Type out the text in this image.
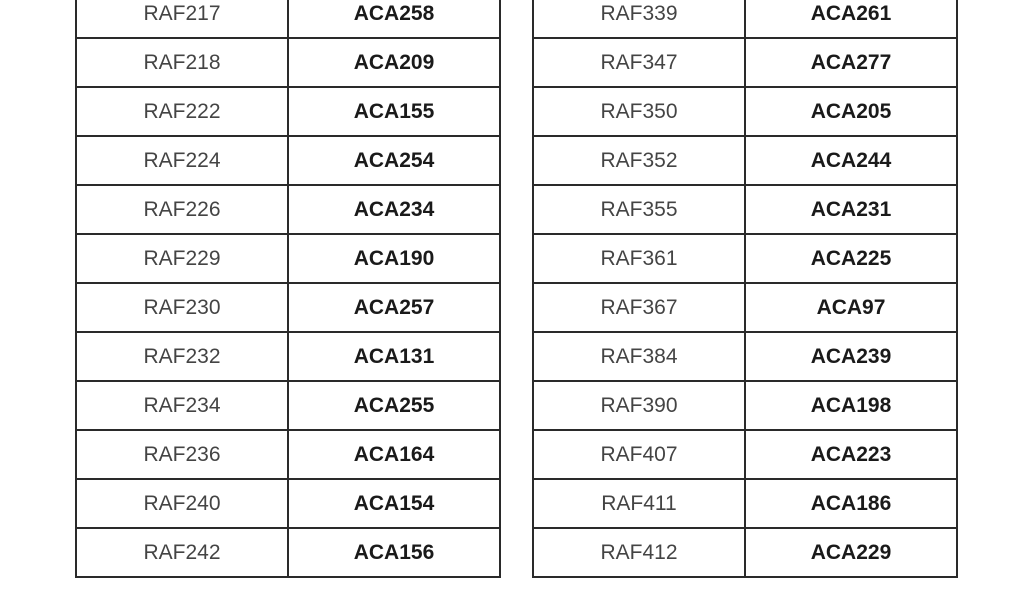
RAF217	ACA258
RAF218	ACA209
RAF222	ACA155
RAF224	ACA254
RAF226	ACA234
RAF229	ACA190
RAF230	ACA257
RAF232	ACA131
RAF234	ACA255
RAF236	ACA164
RAF240	ACA154
RAF242	ACA156
RAF339	ACA261
RAF347	ACA277
RAF350	ACA205
RAF352	ACA244
RAF355	ACA231
RAF361	ACA225
RAF367	ACA97
RAF384	ACA239
RAF390	ACA198
RAF407	ACA223
RAF411	ACA186
RAF412	ACA229
